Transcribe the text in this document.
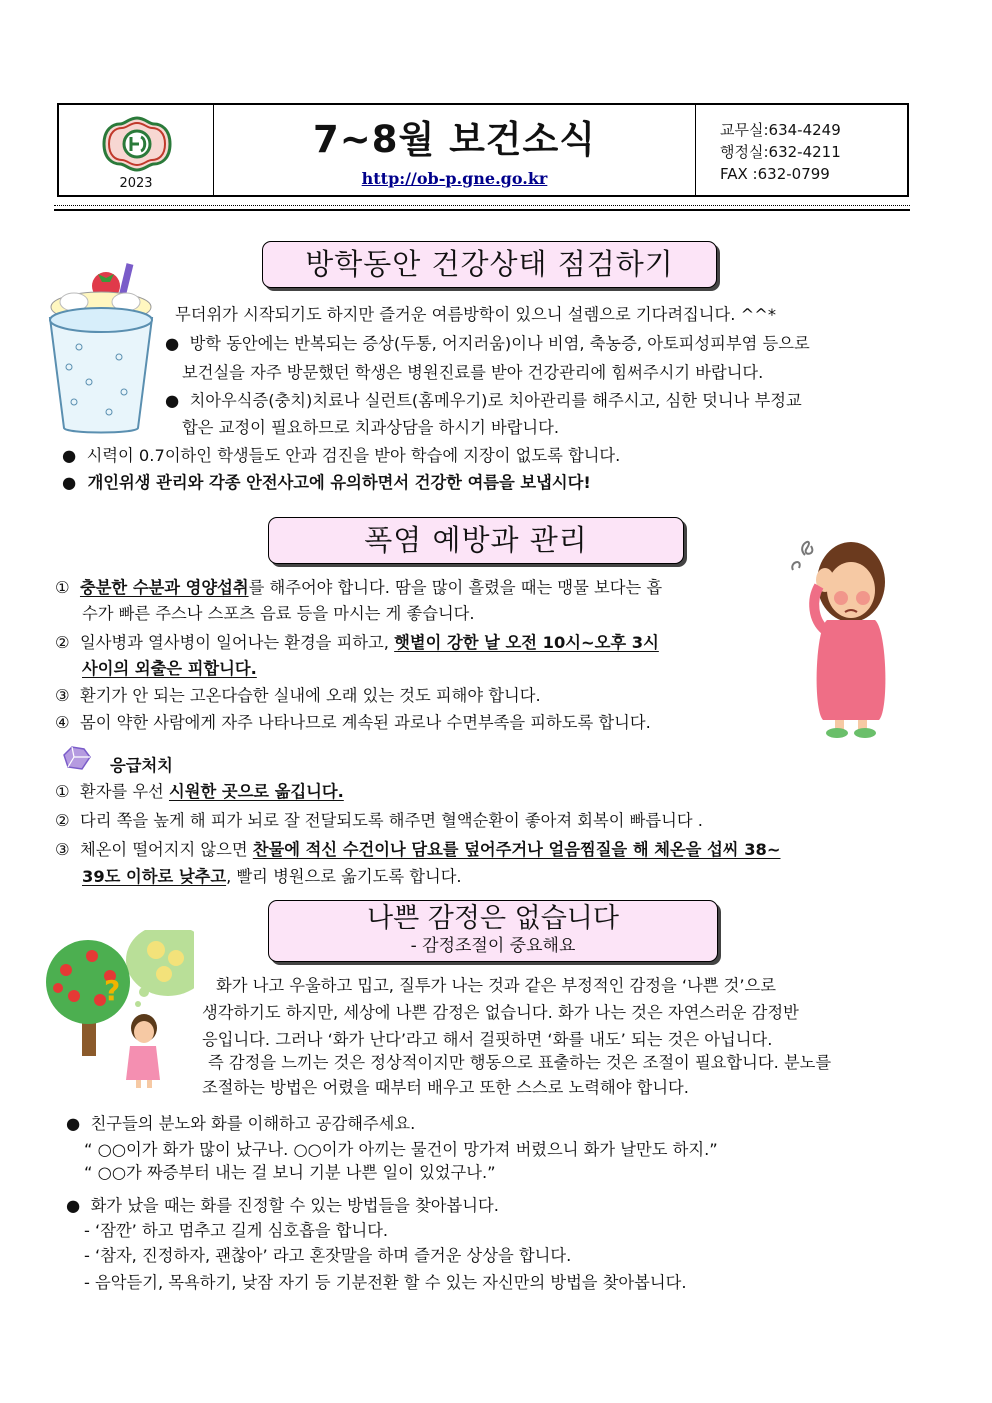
2023
7~8월 보건소식
http://ob-p.gne.go.kr
교무실:634-4249
행정실:632-4211
FAX :632-0799
방학동안 건강상태 점검하기
무더위가 시작되기도 하지만 즐거운 여름방학이 있으니 설렘으로 기다려집니다. ^^*
● 방학 동안에는 반복되는 증상(두통, 어지러움)이나 비염, 축농증, 아토피성피부염 등으로
보건실을 자주 방문했던 학생은 병원진료를 받아 건강관리에 힘써주시기 바랍니다.
● 치아우식증(충치)치료나 실런트(홈메우기)로 치아관리를 해주시고, 심한 덧니나 부정교
합은 교정이 필요하므로 치과상담을 하시기 바랍니다.
● 시력이 0.7이하인 학생들도 안과 검진을 받아 학습에 지장이 없도록 합니다.
● 개인위생 관리와 각종 안전사고에 유의하면서 건강한 여름을 보냅시다!
폭염 예방과 관리
① 충분한 수분과 영양섭취를 해주어야 합니다. 땀을 많이 흘렸을 때는 맹물 보다는 흡
수가 빠른 주스나 스포츠 음료 등을 마시는 게 좋습니다.
② 일사병과 열사병이 일어나는 환경을 피하고, 햇볕이 강한 날 오전 10시~오후 3시
사이의 외출은 피합니다.
③ 환기가 안 되는 고온다습한 실내에 오래 있는 것도 피해야 합니다.
④ 몸이 약한 사람에게 자주 나타나므로 계속된 과로나 수면부족을 피하도록 합니다.
응급처치
① 환자를 우선 시원한 곳으로 옮깁니다.
② 다리 쪽을 높게 해 피가 뇌로 잘 전달되도록 해주면 혈액순환이 좋아져 회복이 빠릅니다 .
③ 체온이 떨어지지 않으면 찬물에 적신 수건이나 담요를 덮어주거나 얼음찜질을 해 체온을 섭씨 38~
39도 이하로 낮추고, 빨리 병원으로 옮기도록 합니다.
나쁜 감정은 없습니다
- 감정조절이 중요해요
?	화가 나고 우울하고 밉고, 질투가 나는 것과 같은 부정적인 감정을 ‘나쁜 것’으로
생각하기도 하지만, 세상에 나쁜 감정은 없습니다. 화가 나는 것은 자연스러운 감정반
응입니다. 그러나 ‘화가 난다’라고 해서 걸핏하면 ‘화를 내도’ 되는 것은 아닙니다.
즉 감정을 느끼는 것은 정상적이지만 행동으로 표출하는 것은 조절이 필요합니다. 분노를
조절하는 방법은 어렸을 때부터 배우고 또한 스스로 노력해야 합니다.
● 친구들의 분노와 화를 이해하고 공감해주세요.
“ ○○이가 화가 많이 났구나. ○○이가 아끼는 물건이 망가져 버렸으니 화가 날만도 하지.”
“ ○○가 짜증부터 내는 걸 보니 기분 나쁜 일이 있었구나.”
● 화가 났을 때는 화를 진정할 수 있는 방법들을 찾아봅니다.
- ‘잠깐’ 하고 멈추고 길게 심호흡을 합니다.
- ‘참자, 진정하자, 괜찮아’ 라고 혼잣말을 하며 즐거운 상상을 합니다.
- 음악듣기, 목욕하기, 낮잠 자기 등 기분전환 할 수 있는 자신만의 방법을 찾아봅니다.
